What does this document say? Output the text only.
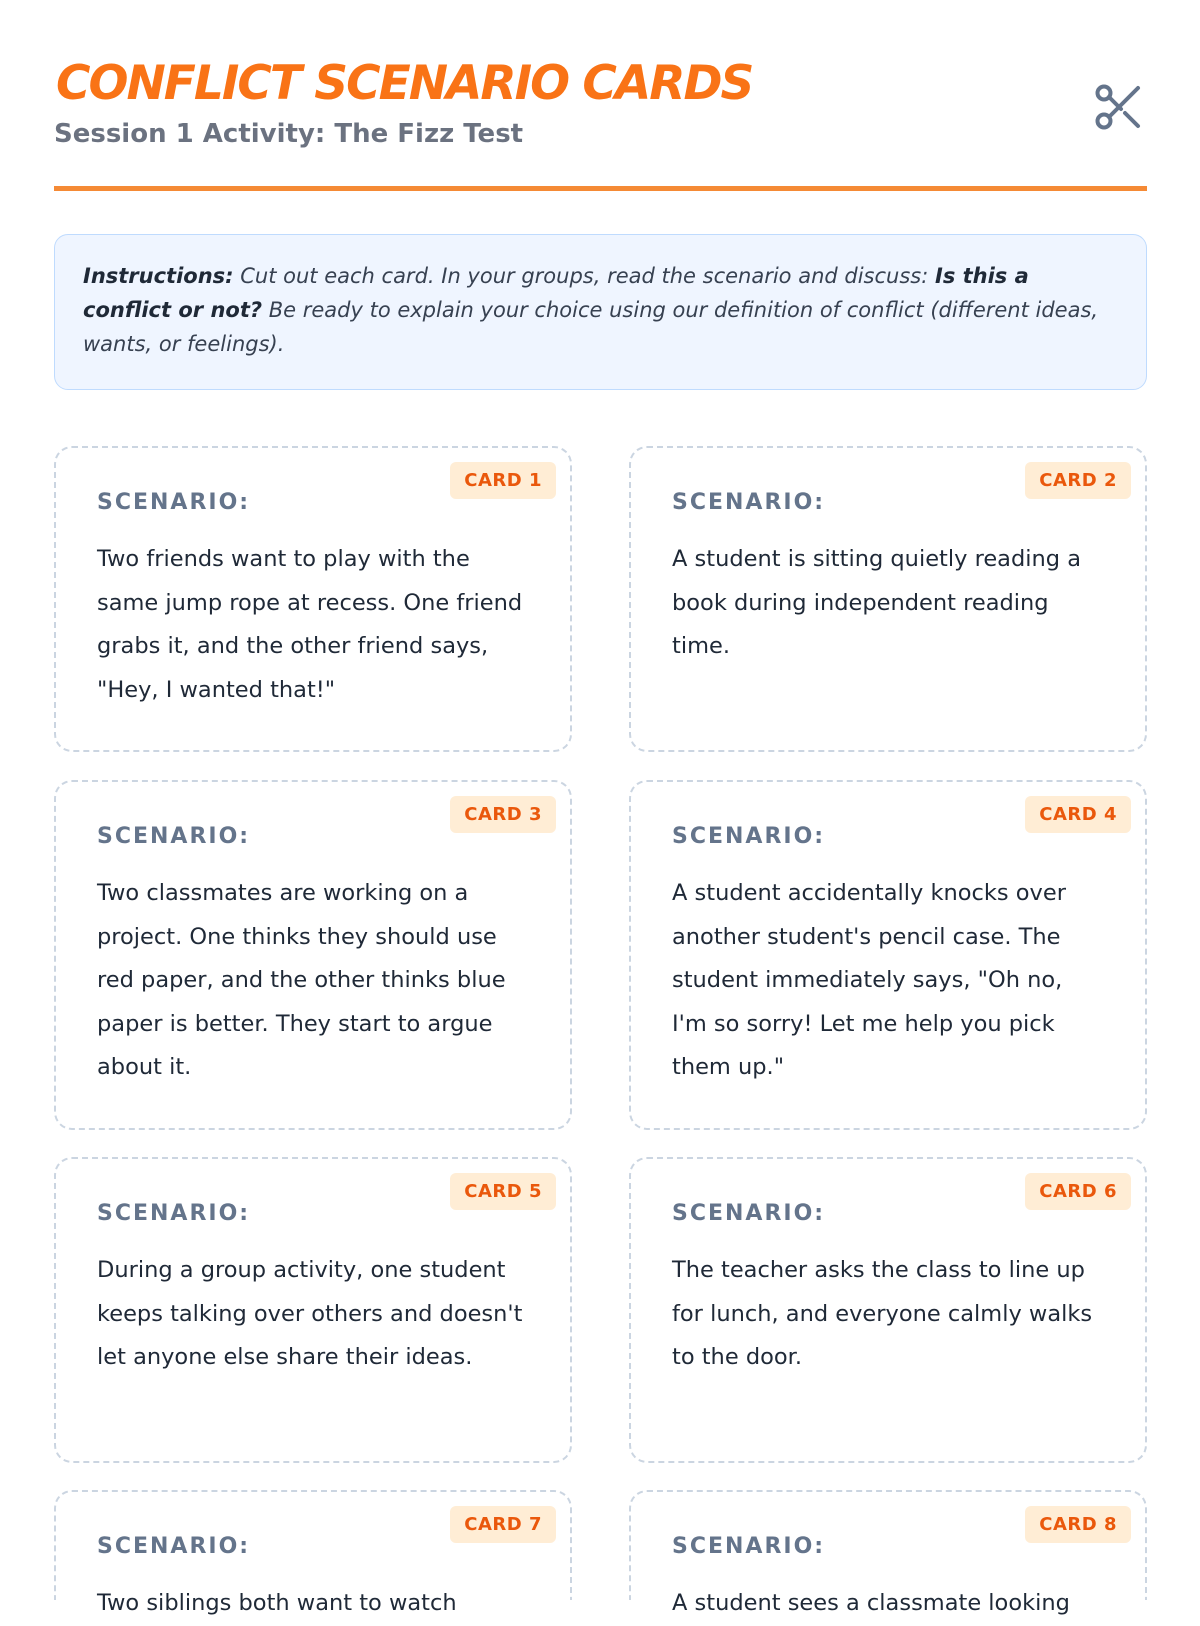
CONFLICT SCENARIO CARDS
Session 1 Activity: The Fizz Test
Instructions: Cut out each card. In your groups, read the scenario and discuss: Is this a conflict or not? Be ready to explain your choice using our definition of conflict (different ideas, wants, or feelings).
CARD 1
SCENARIO:
Two friends want to play with the same jump rope at recess. One friend grabs it, and the other friend says, "Hey, I wanted that!"
CARD 2
SCENARIO:
A student is sitting quietly reading a book during independent reading time.
CARD 3
SCENARIO:
Two classmates are working on a project. One thinks they should use red paper, and the other thinks blue paper is better. They start to argue about it.
CARD 4
SCENARIO:
A student accidentally knocks over another student's pencil case. The student immediately says, "Oh no, I'm so sorry! Let me help you pick them up."
CARD 5
SCENARIO:
During a group activity, one student keeps talking over others and doesn't let anyone else share their ideas.
CARD 6
SCENARIO:
The teacher asks the class to line up for lunch, and everyone calmly walks to the door.
CARD 7
SCENARIO:
Two siblings both want to watch
CARD 8
SCENARIO:
A student sees a classmate looking
